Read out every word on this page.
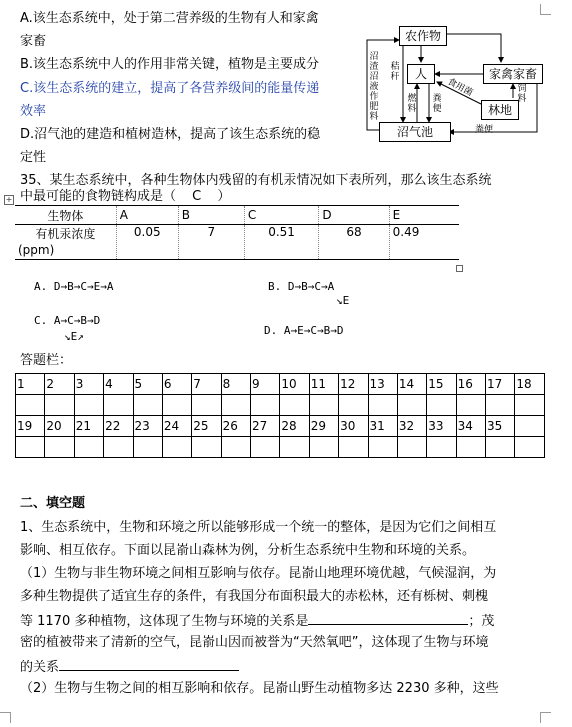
A.该生态系统中，处于第二营养级的生物有人和家禽
家畜
B.该生态系统中人的作用非常关键，植物是主要成分
C.该生态系统的建立，提高了各营养级间的能量传递
效率
D.沼气池的建造和植树造林，提高了该生态系统的稳
定性
农作物
人	家禽家畜
林地
沼气池
沼渣沼液作肥料
秸秆
燃料
粪便
食用菌	饲料
粪便
35、某生态系统中，各种生物体内残留的有机汞情况如下表所列，那么该生态系统
中最可能的食物链构成是（ C ）
+
生物体	A	B	C	D	E

有机汞浓度
(ppm)	0.05	7	0.51	68	0.49
A. D→B→C→E→A	B. D→B→C→A
↘E
C. A→C→B→D
↘E↗	D. A→E→C→B→D
答题栏：
1	2	3	4	5	6	7	8	9	10	11	12	13	14	15	16	17	18

19	20	21	22	23	24	25	26	27	28	29	30	31	32	33	34	35	

二、填空题
1、生态系统中，生物和环境之所以能够形成一个统一的整体，是因为它们之间相互
影响、相互依存。下面以昆嵛山森林为例，分析生态系统中生物和环境的关系。
（1）生物与非生物环境之间相互影响与依存。昆嵛山地理环境优越，气候湿润，为
多种生物提供了适宜生存的条件，有我国分布面积最大的赤松林，还有栎树、刺槐
等 1170 多种植物，这体现了生物与环境的关系是	；茂
密的植被带来了清新的空气，昆嵛山因而被誉为“天然氧吧”，这体现了生物与环境
的关系
（2）生物与生物之间的相互影响和依存。昆嵛山野生动植物多达 2230 多种，这些
